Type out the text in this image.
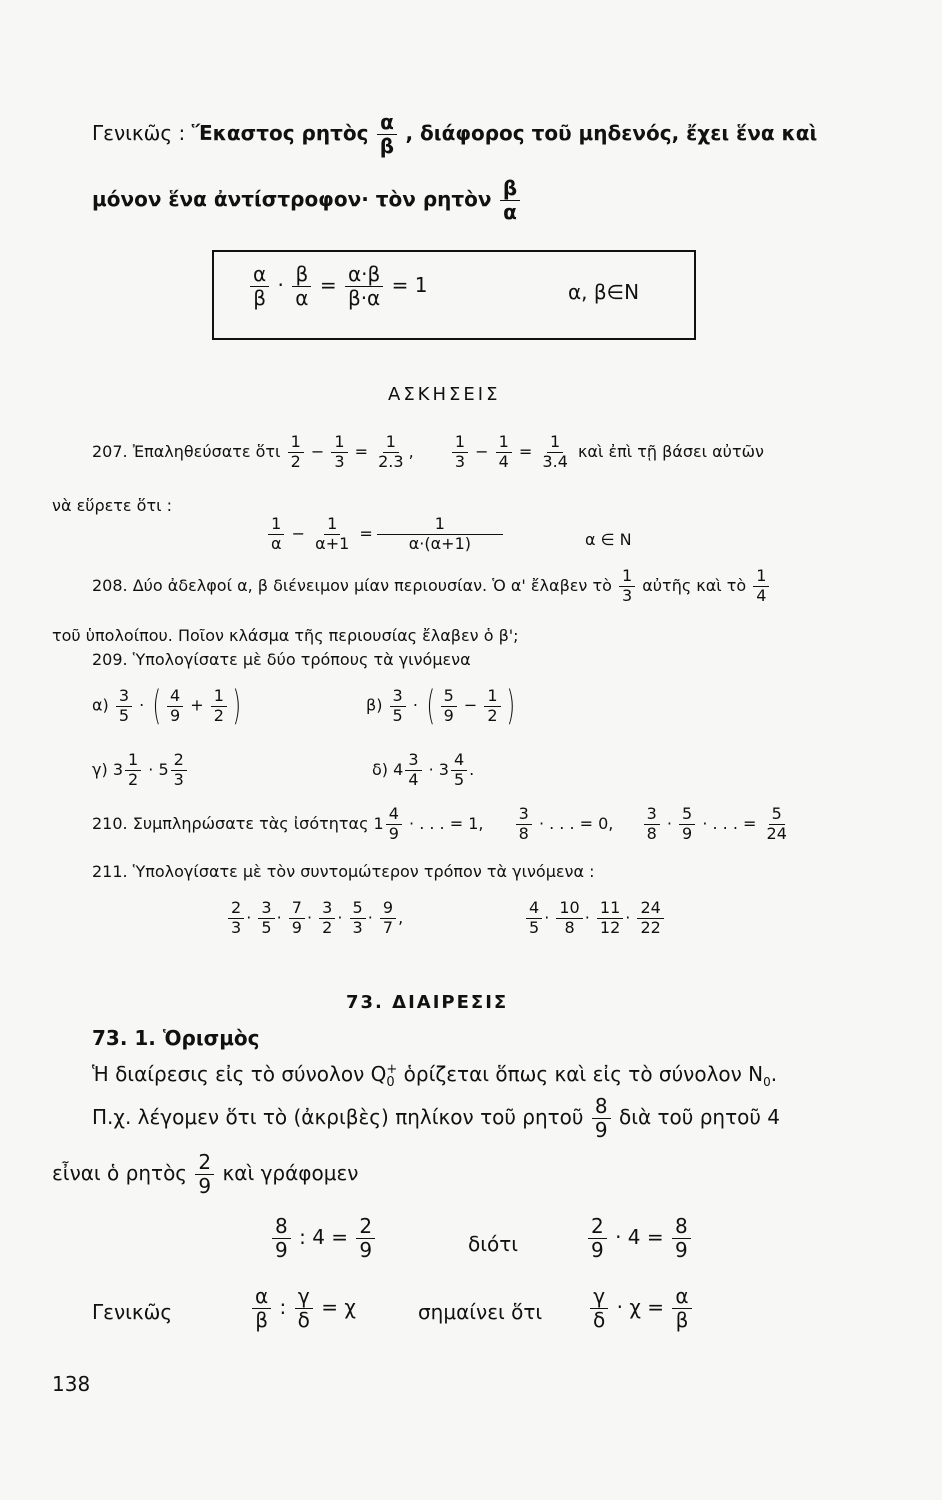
Γενικῶς : Ἕκαστος ρητὸς $\frac{\alpha}{\beta}$ , διάφορος τοῦ μηδενός, ἔχει ἕνα καὶ
μόνον ἕνα ἀντίστροφον· τὸν ρητὸν $\frac{\beta}{\alpha}$
$\frac{\alpha}{\beta} \cdot \frac{\beta}{\alpha} = \frac{\alpha\cdot\beta}{\beta\cdot\alpha} = 1$	α, β∈N
ΑΣΚΗΣΕΙΣ
207. Ἐπαληθεύσατε ὅτι $\frac{1}{2} - \frac{1}{3} = \frac{1}{2.3}$ , $\frac{1}{3} - \frac{1}{4} = \frac{1}{3.4}$ καὶ ἐπὶ τῇ βάσει αὐτῶν
νὰ εὕρετε ὅτι :
$\frac{1}{\alpha} - \frac{1}{\alpha+1} = \frac{1}{\alpha\cdot(\alpha+1)}$	α ∈ N
208. Δύο ἀδελφοί α, β διένειμον μίαν περιουσίαν. Ὁ α' ἔλαβεν τὸ $\frac{1}{3}$ αὐτῆς καὶ τὸ $\frac{1}{4}$
τοῦ ὑπολοίπου. Ποῖον κλάσμα τῆς περιουσίας ἔλαβεν ὁ β';
209. Ὑπολογίσατε μὲ δύο τρόπους τὰ γινόμενα
$\alpha) \frac{3}{5}$ · ( $\frac{4}{9} + \frac{1}{2}$ )	$\beta) \frac{3}{5}$ · ( $\frac{5}{9} - \frac{1}{2}$ )
γ) $3 \frac{1}{2} \cdot 5 \frac{2}{3}$	δ) $4 \frac{3}{4} \cdot 3 \frac{4}{5}$ .
210. Συμπληρώσατε τὰς ἰσότητας $1 \frac{4}{9}$ · . . . = 1, $\frac{3}{8}$ · . . . = 0, $\frac{3}{8} \cdot \frac{5}{9}$ · . . . = $\frac{5}{24}$
211. Ὑπολογίσατε μὲ τὸν συντομώτερον τρόπον τὰ γινόμενα :
$\frac{2}{3} \cdot \frac{3}{5} \cdot \frac{7}{9} \cdot \frac{3}{2} \cdot \frac{5}{3} \cdot \frac{9}{7}$ ,	$\frac{4}{5} \cdot \frac{10}{8} \cdot \frac{11}{12} \cdot \frac{24}{22}$
73. ΔΙΑΙΡΕΣΙΣ
73. 1. Ὁρισμὸς
Ἡ διαίρεσις εἰς τὸ σύνολον Q +
0 ὁρίζεται ὅπως καὶ εἰς τὸ σύνολον $N_0$.
Π.χ. λέγομεν ὅτι τὸ (ἀκριβὲς) πηλίκον τοῦ ρητοῦ $\frac{8}{9}$ διὰ τοῦ ρητοῦ 4
εἶναι ὁ ρητὸς $\frac{2}{9}$ καὶ γράφομεν
$\frac{8}{9}$ : $4 = \frac{2}{9}$	διότι	$\frac{2}{9} \cdot 4 = \frac{8}{9}$
Γενικῶς	$\frac{\alpha}{\beta}$ : $\frac{\gamma}{\delta} = \chi$	σημαίνει ὅτι $\frac{\gamma}{\delta} \cdot \chi = \frac{\alpha}{\beta}$
138
